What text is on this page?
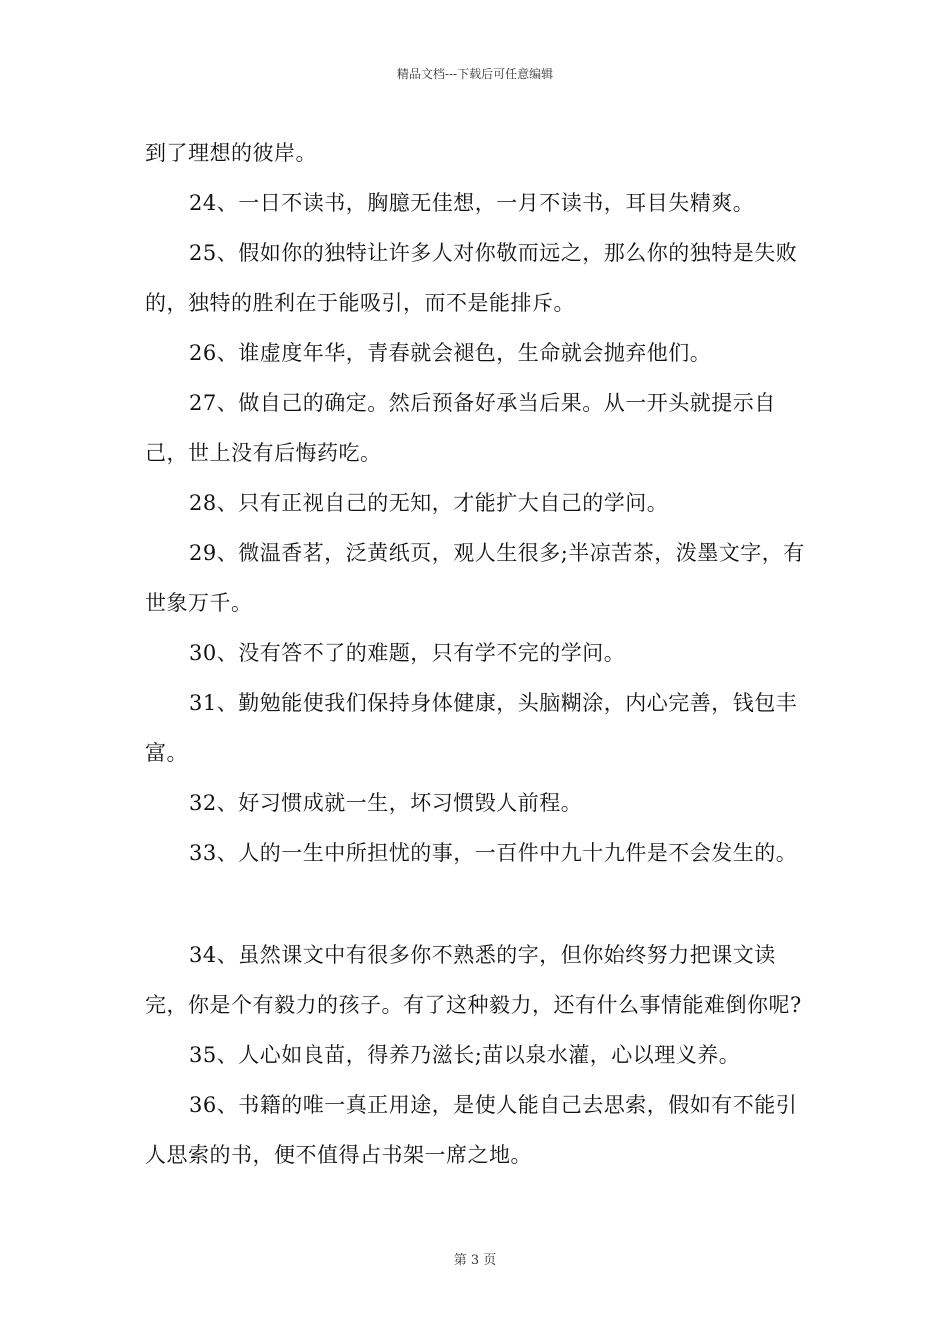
精品文档---下载后可任意编辑

到了理想的彼岸。

24、一日不读书，胸臆无佳想，一月不读书，耳目失精爽。

25、假如你的独特让许多人对你敬而远之，那么你的独特是失败的，独特的胜利在于能吸引，而不是能排斥。

26、谁虚度年华，青春就会褪色，生命就会抛弃他们。

27、做自己的确定。然后预备好承当后果。从一开头就提示自己，世上没有后悔药吃。

28、只有正视自己的无知，才能扩大自己的学问。

29、微温香茗，泛黄纸页，观人生很多;半凉苦茶，泼墨文字，有世象万千。

30、没有答不了的难题，只有学不完的学问。

31、勤勉能使我们保持身体健康，头脑糊涂，内心完善，钱包丰富。

32、好习惯成就一生，坏习惯毁人前程。

33、人的一生中所担忧的事，一百件中九十九件是不会发生的。

34、虽然课文中有很多你不熟悉的字，但你始终努力把课文读完，你是个有毅力的孩子。有了这种毅力，还有什么事情能难倒你呢?

35、人心如良苗，得养乃滋长;苗以泉水灌，心以理义养。

36、书籍的唯一真正用途，是使人能自己去思索，假如有不能引人思索的书，便不值得占书架一席之地。

第 3 页
